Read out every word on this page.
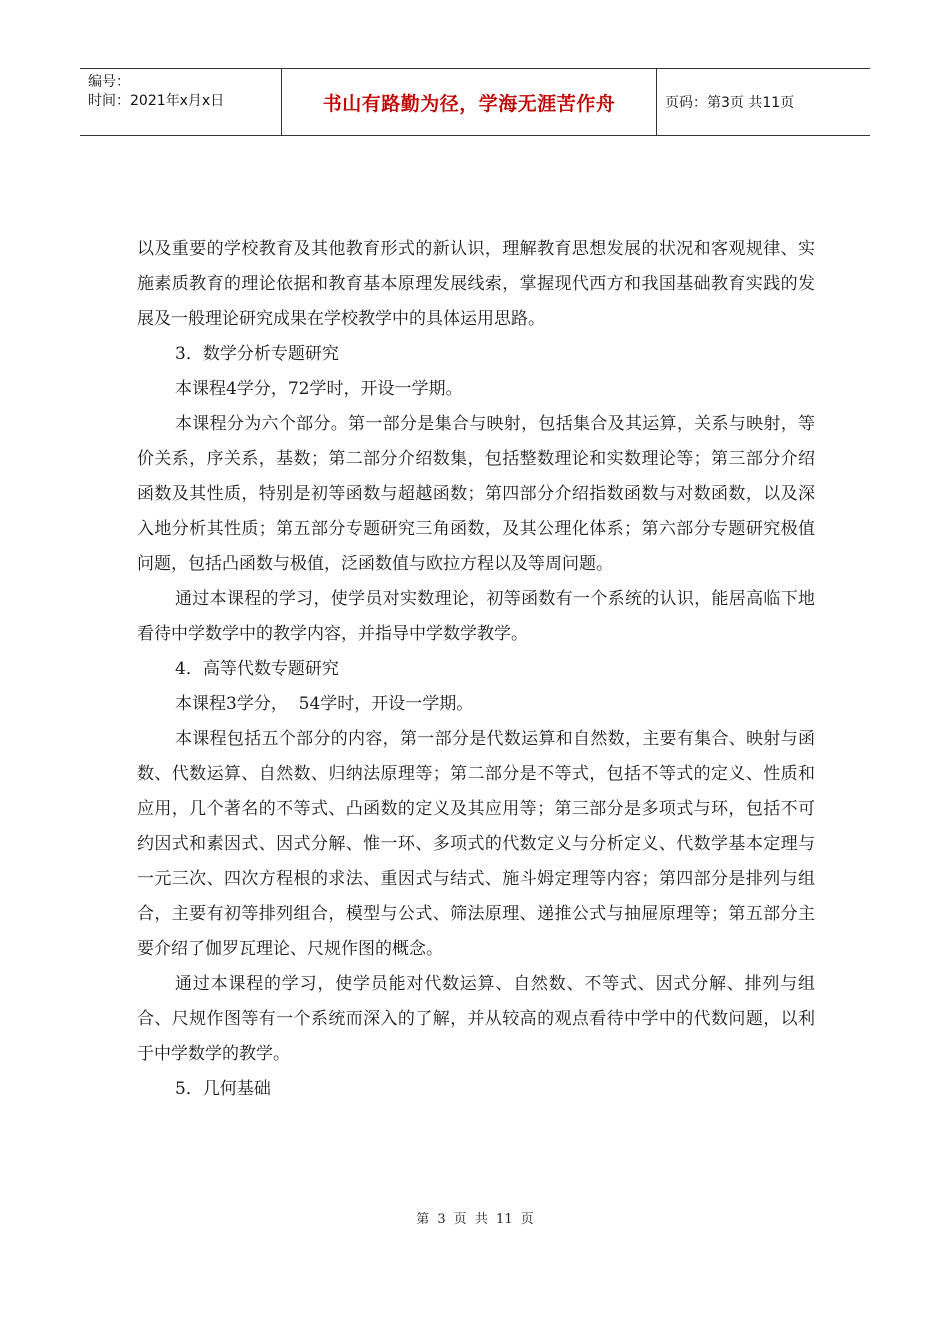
编号：
时间：2021年x月x日	书山有路勤为径，学海无涯苦作舟	页码：第3页 共11页

以及重要的学校教育及其他教育形式的新认识，理解教育思想发展的状况和客观规律、实施素质教育的理论依据和教育基本原理发展线索，掌握现代西方和我国基础教育实践的发展及一般理论研究成果在学校教学中的具体运用思路。

3．数学分析专题研究

本课程4学分，72学时，开设一学期。

本课程分为六个部分。第一部分是集合与映射，包括集合及其运算，关系与映射，等价关系，序关系，基数；第二部分介绍数集，包括整数理论和实数理论等；第三部分介绍函数及其性质，特别是初等函数与超越函数；第四部分介绍指数函数与对数函数，以及深入地分析其性质；第五部分专题研究三角函数，及其公理化体系；第六部分专题研究极值问题，包括凸函数与极值，泛函数值与欧拉方程以及等周问题。

通过本课程的学习，使学员对实数理论，初等函数有一个系统的认识，能居高临下地看待中学数学中的教学内容，并指导中学数学教学。

4．高等代数专题研究

本课程3学分，  54学时，开设一学期。

本课程包括五个部分的内容，第一部分是代数运算和自然数，主要有集合、映射与函数、代数运算、自然数、归纳法原理等；第二部分是不等式，包括不等式的定义、性质和应用，几个著名的不等式、凸函数的定义及其应用等；第三部分是多项式与环，包括不可约因式和素因式、因式分解、惟一环、多项式的代数定义与分析定义、代数学基本定理与一元三次、四次方程根的求法、重因式与结式、施斗姆定理等内容；第四部分是排列与组合，主要有初等排列组合，模型与公式、筛法原理、递推公式与抽屉原理等；第五部分主要介绍了伽罗瓦理论、尺规作图的概念。

通过本课程的学习，使学员能对代数运算、自然数、不等式、因式分解、排列与组合、尺规作图等有一个系统而深入的了解，并从较高的观点看待中学中的代数问题，以利于中学数学的教学。

5．几何基础

第 3 页 共 11 页
